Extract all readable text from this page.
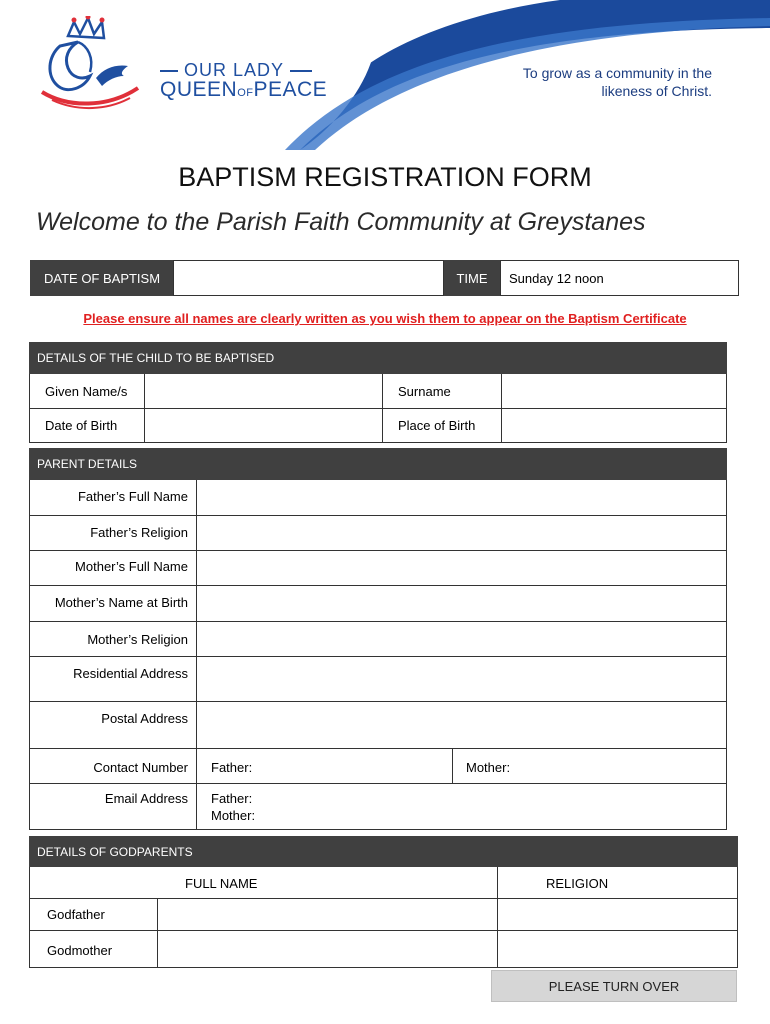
OUR LADY
QUEENOFPEACE
To grow as a community in the
likeness of Christ.
BAPTISM REGISTRATION FORM
Welcome to the Parish Faith Community at Greystanes
DATE OF BAPTISM	TIME Sunday 12 noon
Please ensure all names are clearly written as you wish them to appear on the Baptism Certificate
DETAILS OF THE CHILD TO BE BAPTISED
Given Name/s	Surname
Date of Birth	Place of Birth
PARENT DETAILS
Father’s Full Name
Father’s Religion
Mother’s Full Name
Mother’s Name at Birth
Mother’s Religion
Residential Address
Postal Address
Contact Number Father:	Mother:
Email Address Father:
Mother:
DETAILS OF GODPARENTS
FULL NAME	RELIGION
Godfather
Godmother
PLEASE TURN OVER
